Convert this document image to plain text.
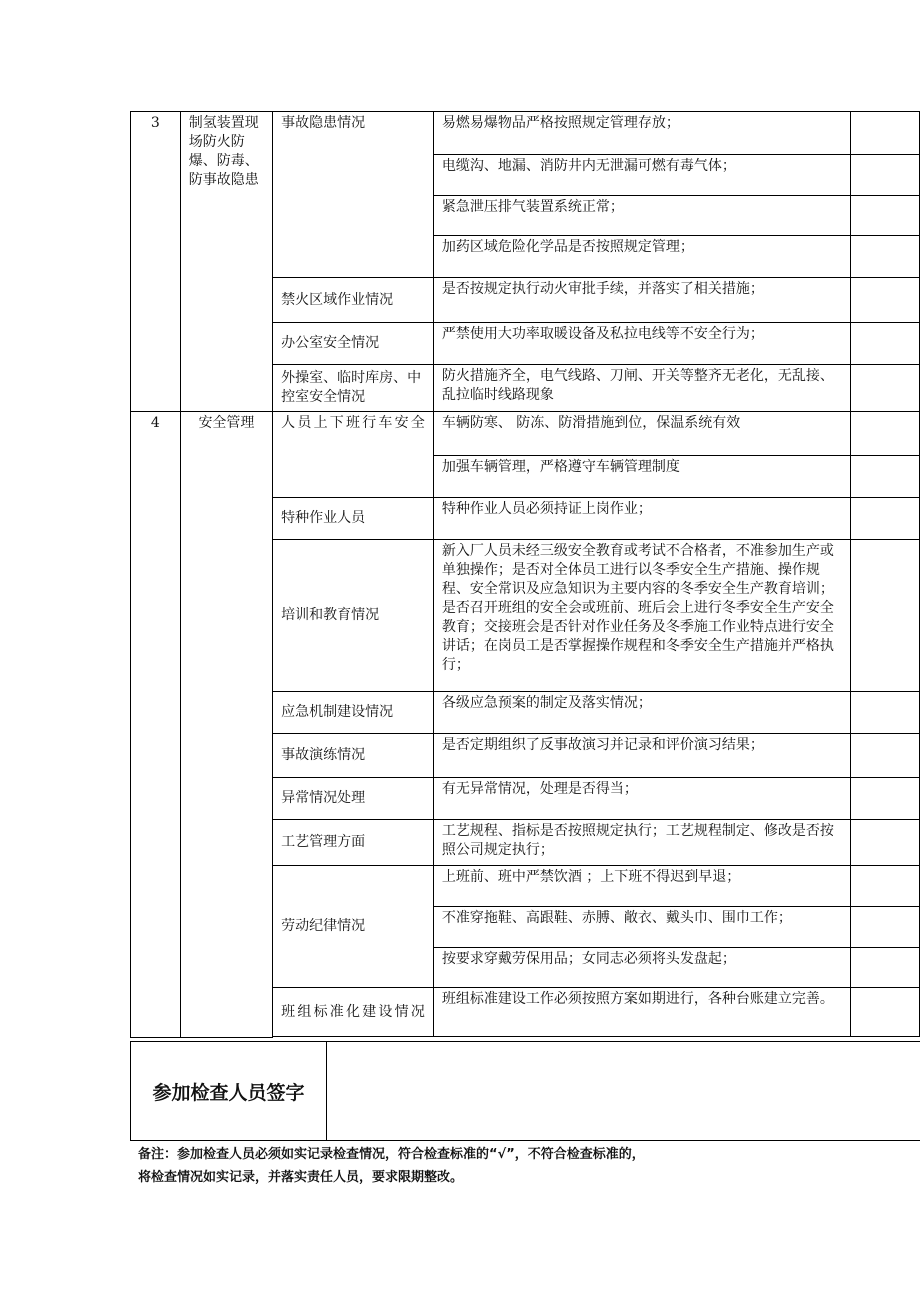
3	制氢装置现场防火防爆、防毒、防事故隐患	事故隐患情况	易燃易爆物品严格按照规定管理存放；	
			电缆沟、地漏、消防井内无泄漏可燃有毒气体；	
			紧急泄压排气装置系统正常；	
			加药区域危险化学品是否按照规定管理；	
		禁火区域作业情况	是否按规定执行动火审批手续，并落实了相关措施；	
		办公室安全情况	严禁使用大功率取暖设备及私拉电线等不安全行为；	
		外操室、临时库房、中控室安全情况	防火措施齐全，电气线路、刀闸、开关等整齐无老化，无乱接、乱拉临时线路现象	
4	安全管理	人员上下班行车安全	车辆防寒、 防冻、防滑措施到位，保温系统有效	
			加强车辆管理，严格遵守车辆管理制度	
		特种作业人员	特种作业人员必须持证上岗作业；	
		培训和教育情况	新入厂人员未经三级安全教育或考试不合格者，不准参加生产或单独操作；是否对全体员工进行以冬季安全生产措施、操作规程、安全常识及应急知识为主要内容的冬季安全生产教育培训；是否召开班组的安全会或班前、班后会上进行冬季安全生产安全教育；交接班会是否针对作业任务及冬季施工作业特点进行安全讲话；在岗员工是否掌握操作规程和冬季安全生产措施并严格执行；	
		应急机制建设情况	各级应急预案的制定及落实情况；	
		事故演练情况	是否定期组织了反事故演习并记录和评价演习结果；	
		异常情况处理	有无异常情况，处理是否得当；	
		工艺管理方面	工艺规程、指标是否按照规定执行；工艺规程制定、修改是否按照公司规定执行；	
		劳动纪律情况	上班前、班中严禁饮酒 ；上下班不得迟到早退；	
			不准穿拖鞋、高跟鞋、赤膊、敞衣、戴头巾、围巾工作；	
			按要求穿戴劳保用品；女同志必须将头发盘起；	

		班组标准化建设情况	班组标准建设工作必须按照方案如期进行，各种台账建立完善。	

参加检查人员签字	
备注：参加检查人员必须如实记录检查情况，符合检查标准的“√”，不符合检查标准的，
将检查情况如实记录，并落实责任人员，要求限期整改。
